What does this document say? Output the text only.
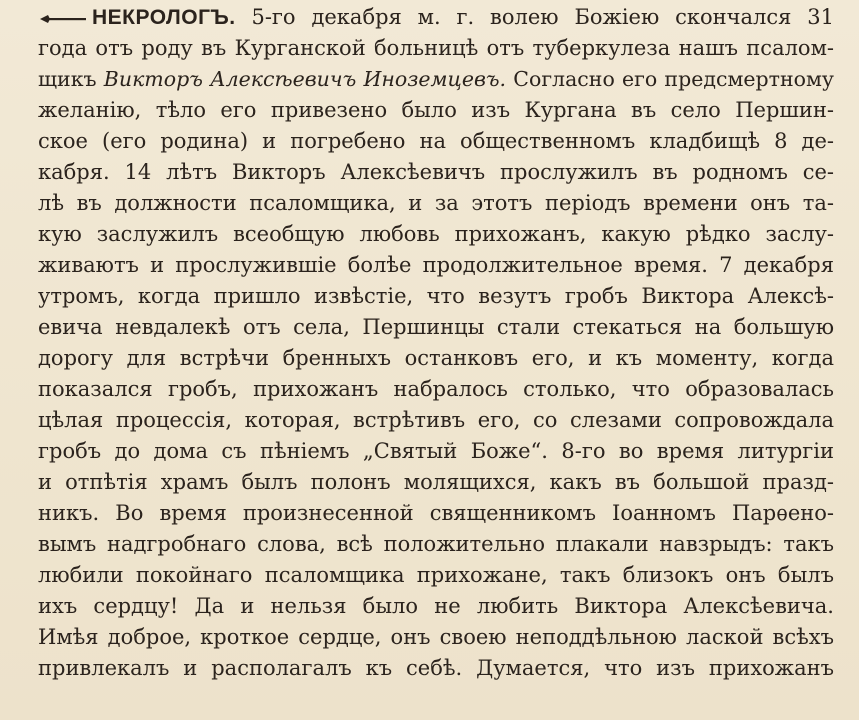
НЕКРОЛОГЪ. 5-го декабря м. г. волею Божіею скончался 31
года отъ роду въ Курганской больницѣ отъ туберкулеза нашъ псалом-
щикъ Викторъ Алексѣевичъ Иноземцевъ. Согласно его предсмертному
желанію, тѣло его привезено было изъ Кургана въ село Першин-
ское (его родина) и погребено на общественномъ кладбищѣ 8 де-
кабря. 14 лѣтъ Викторъ Алексѣевичъ прослужилъ въ родномъ се-
лѣ въ должности псаломщика, и за этотъ періодъ времени онъ та-
кую заслужилъ всеобщую любовь прихожанъ, какую рѣдко заслу-
живаютъ и прослужившіе болѣе продолжительное время. 7 декабря
утромъ, когда пришло извѣстіе, что везутъ гробъ Виктора Алексѣ-
евича невдалекѣ отъ села, Першинцы стали стекаться на большую
дорогу для встрѣчи бренныхъ останковъ его, и къ моменту, когда
показался гробъ, прихожанъ набралось столько, что образовалась
цѣлая процессія, которая, встрѣтивъ его, со слезами сопровождала
гробъ до дома съ пѣніемъ „Святый Боже“. 8-го во время литургіи
и отпѣтія храмъ былъ полонъ молящихся, какъ въ большой празд-
никъ. Во время произнесенной священникомъ Іоанномъ Парѳено-
вымъ надгробнаго слова, всѣ положительно плакали навзрыдъ: такъ
любили покойнаго псаломщика прихожане, такъ близокъ онъ былъ
ихъ сердцу! Да и нельзя было не любить Виктора Алексѣевича.
Имѣя доброе, кроткое сердце, онъ своею неподдѣльною лаской всѣхъ
привлекалъ и располагалъ къ себѣ. Думается, что изъ прихожанъ
